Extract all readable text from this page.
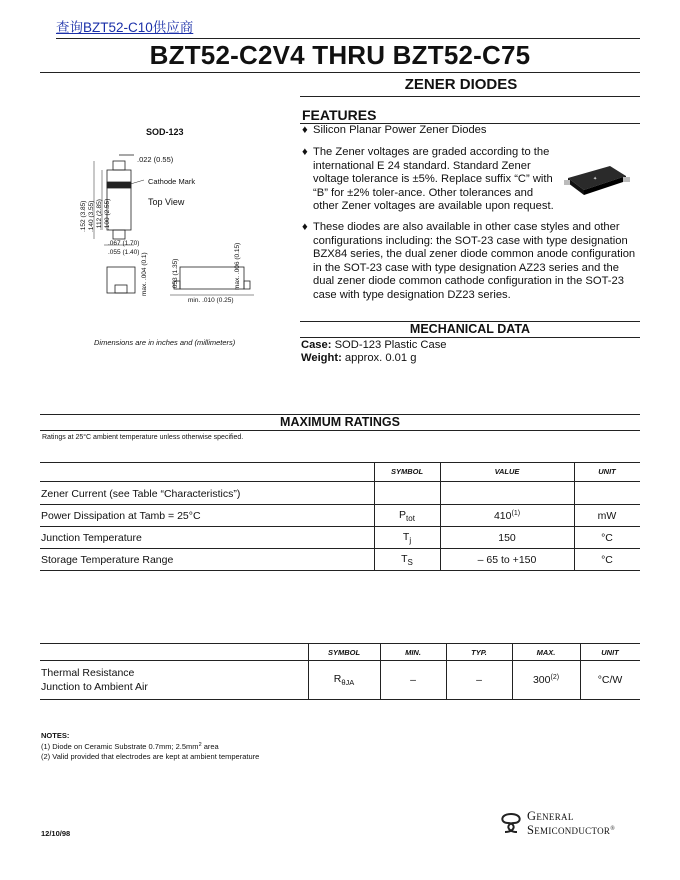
查询BZT52-C10供应商
BZT52-C2V4 THRU BZT52-C75
ZENER DIODES
SOD-123
.022 (0.55)
Cathode Mark
Top View
.152 (3.85) .140 (3.55) .112 (2.85) .100 (2.55)
.067 (1.70)
.055 (1.40) max. .004 (0.1)	.053 (1.35)	max. .006 (0.15)
min. .010 (0.25)
Dimensions are in inches and (millimeters)
FEATURES
♦ Silicon Planar Power Zener Diodes
♦ The Zener voltages are graded according to the international E 24 standard. Standard Zener voltage tolerance is ±5%. Replace suffix “C” with “B” for ±2% toler-ance. Other tolerances and other Zener voltages are available upon request.
✦
♦ These diodes are also available in other case styles and other configurations including: the SOT-23 case with type designation BZX84 series, the dual zener diode common anode configuration in the SOT-23 case with type designation AZ23 series and the dual zener diode common cathode configuration in the SOT-23 case with type designation DZ23 series.
MECHANICAL DATA
Case: SOD-123 Plastic Case
Weight: approx. 0.01 g
MAXIMUM RATINGS
Ratings at 25°C ambient temperature unless otherwise specified.
SYMBOL	VALUE	UNIT
Zener Current (see Table “Characteristics”)
Power Dissipation at Tamb = 25°C	$P_{tot}$	410$^{(1)}$	mW
Junction Temperature	$T_j$	150	°C
Storage Temperature Range	$T_S$	– 65 to +150	°C
SYMBOL	MIN.	TYP.	MAX.	UNIT
Thermal Resistance
Junction to Ambient Air
$R_{\theta JA}$	–	–	300$^{(2)}$	°C/W
NOTES:
(1) Diode on Ceramic Substrate 0.7mm; $2.5mm^2$ area
(2) Valid provided that electrodes are kept at ambient temperature
12/10/98
General
Semiconductor®
